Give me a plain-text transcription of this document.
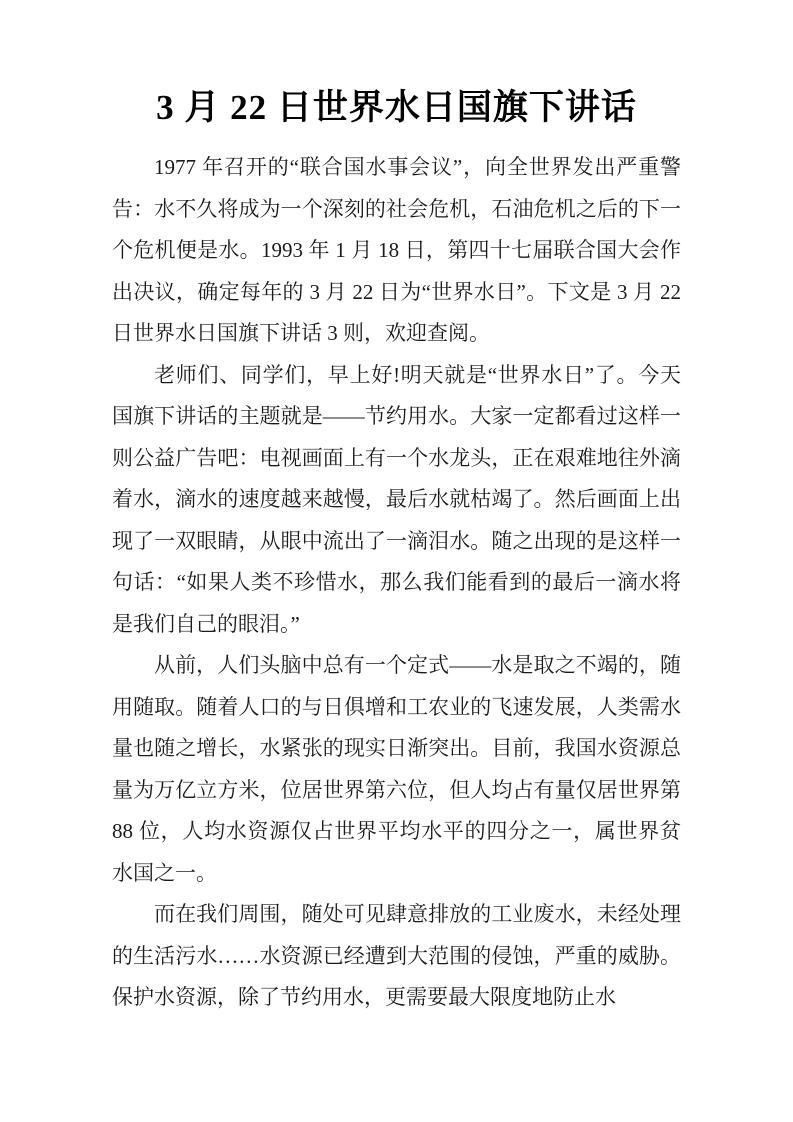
3 月 22 日世界水日国旗下讲话

1977 年召开的“联合国水事会议”，向全世界发出严重警告：水不久将成为一个深刻的社会危机，石油危机之后的下一个危机便是水。1993 年 1 月 18 日，第四十七届联合国大会作出决议，确定每年的 3 月 22 日为“世界水日”。下文是 3 月 22 日世界水日国旗下讲话 3 则，欢迎查阅。

老师们、同学们，早上好!明天就是“世界水日”了。今天国旗下讲话的主题就是——节约用水。大家一定都看过这样一则公益广告吧：电视画面上有一个水龙头，正在艰难地往外滴着水，滴水的速度越来越慢，最后水就枯竭了。然后画面上出现了一双眼睛，从眼中流出了一滴泪水。随之出现的是这样一句话：“如果人类不珍惜水，那么我们能看到的最后一滴水将是我们自己的眼泪。”

从前，人们头脑中总有一个定式——水是取之不竭的，随用随取。随着人口的与日俱增和工农业的飞速发展，人类需水量也随之增长，水紧张的现实日渐突出。目前，我国水资源总量为万亿立方米，位居世界第六位，但人均占有量仅居世界第 88 位，人均水资源仅占世界平均水平的四分之一，属世界贫水国之一。

而在我们周围，随处可见肆意排放的工业废水，未经处理的生活污水……水资源已经遭到大范围的侵蚀，严重的威胁。保护水资源，除了节约用水，更需要最大限度地防止水
